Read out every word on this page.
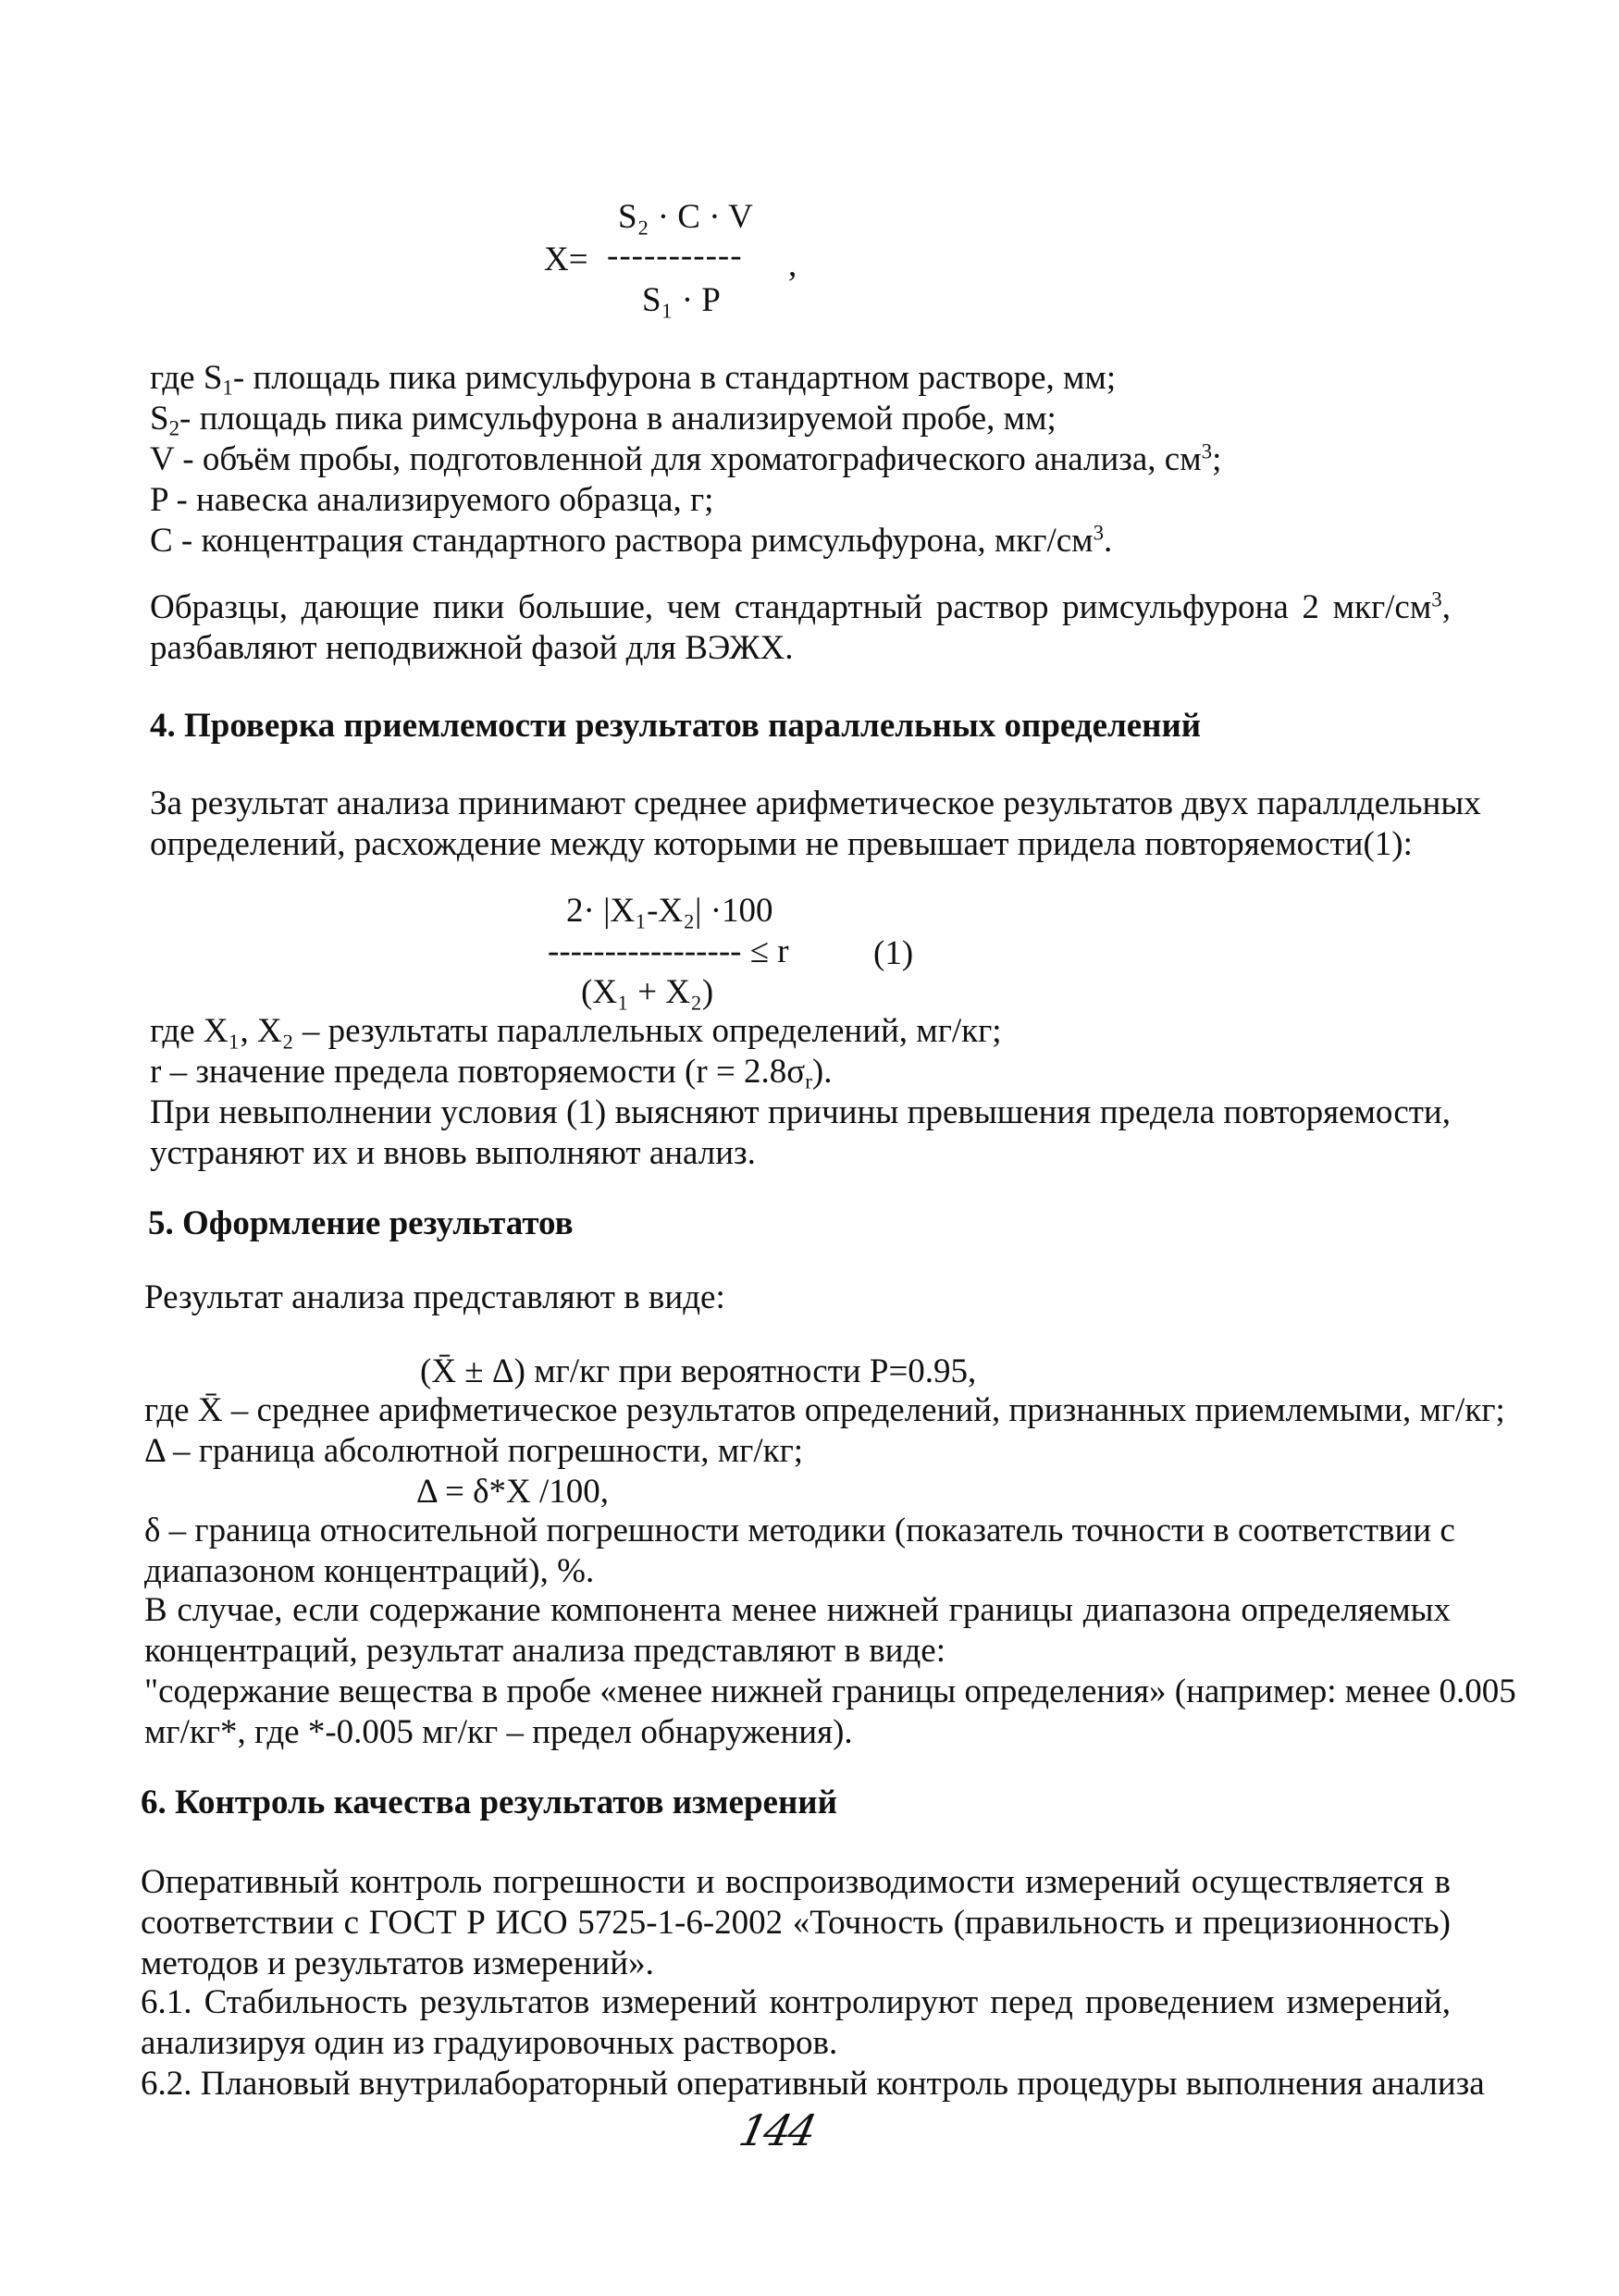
S₂ · C · V
X= ----------- ,
S₁ · P
где $S_1-$ площадь пика римсульфурона в стандартном растворе, мм;
$S_2-$ площадь пика римсульфурона в анализируемой пробе, мм;
V - объём пробы, подготовленной для хроматографического анализа, $см^3$;
P - навеска анализируемого образца, г;
С - концентрация стандартного раствора римсульфурона, мкг/$см^3$.
Образцы, дающие пики большие, чем стандартный раствор римсульфурона 2 мкг/$см^3$,
разбавляют неподвижной фазой для ВЭЖХ.
4. Проверка приемлемости результатов параллельных определений
За результат анализа принимают среднее арифметическое результатов двух параллдельных
определений, расхождение между которыми не превышает придела повторяемости(1):
2· |X₁-X₂| ·100
----------------- ≤ r (1)
(X₁ + X₂)
где X₁, X₂ – результаты параллельных определений, мг/кг;
r – значение предела повторяемости $(r = 2.8\sigma_r)$.
При невыполнении условия (1) выясняют причины превышения предела повторяемости,
устраняют их и вновь выполняют анализ.
5. Оформление результатов
Результат анализа представляют в виде:
(X̄ ± Δ) мг/кг при вероятности P=0.95,
где X̄ – среднее арифметическое результатов определений, признанных приемлемыми, мг/кг;
Δ – граница абсолютной погрешности, мг/кг;
Δ = δ*X /100,
δ – граница относительной погрешности методики (показатель точности в соответствии с
диапазоном концентраций), %.
В случае, если содержание компонента менее нижней границы диапазона определяемых
концентраций, результат анализа представляют в виде:
"содержание вещества в пробе «менее нижней границы определения» (например: менее 0.005
мг/кг*, где *-0.005 мг/кг – предел обнаружения).
6. Контроль качества результатов измерений
Оперативный контроль погрешности и воспроизводимости измерений осуществляется в
соответствии с ГОСТ Р ИСО 5725-1-6-2002 «Точность (правильность и прецизионность)
методов и результатов измерений».
6.1. Стабильность результатов измерений контролируют перед проведением измерений,
анализируя один из градуировочных растворов.
6.2. Плановый внутрилабораторный оперативный контроль процедуры выполнения анализа
144
